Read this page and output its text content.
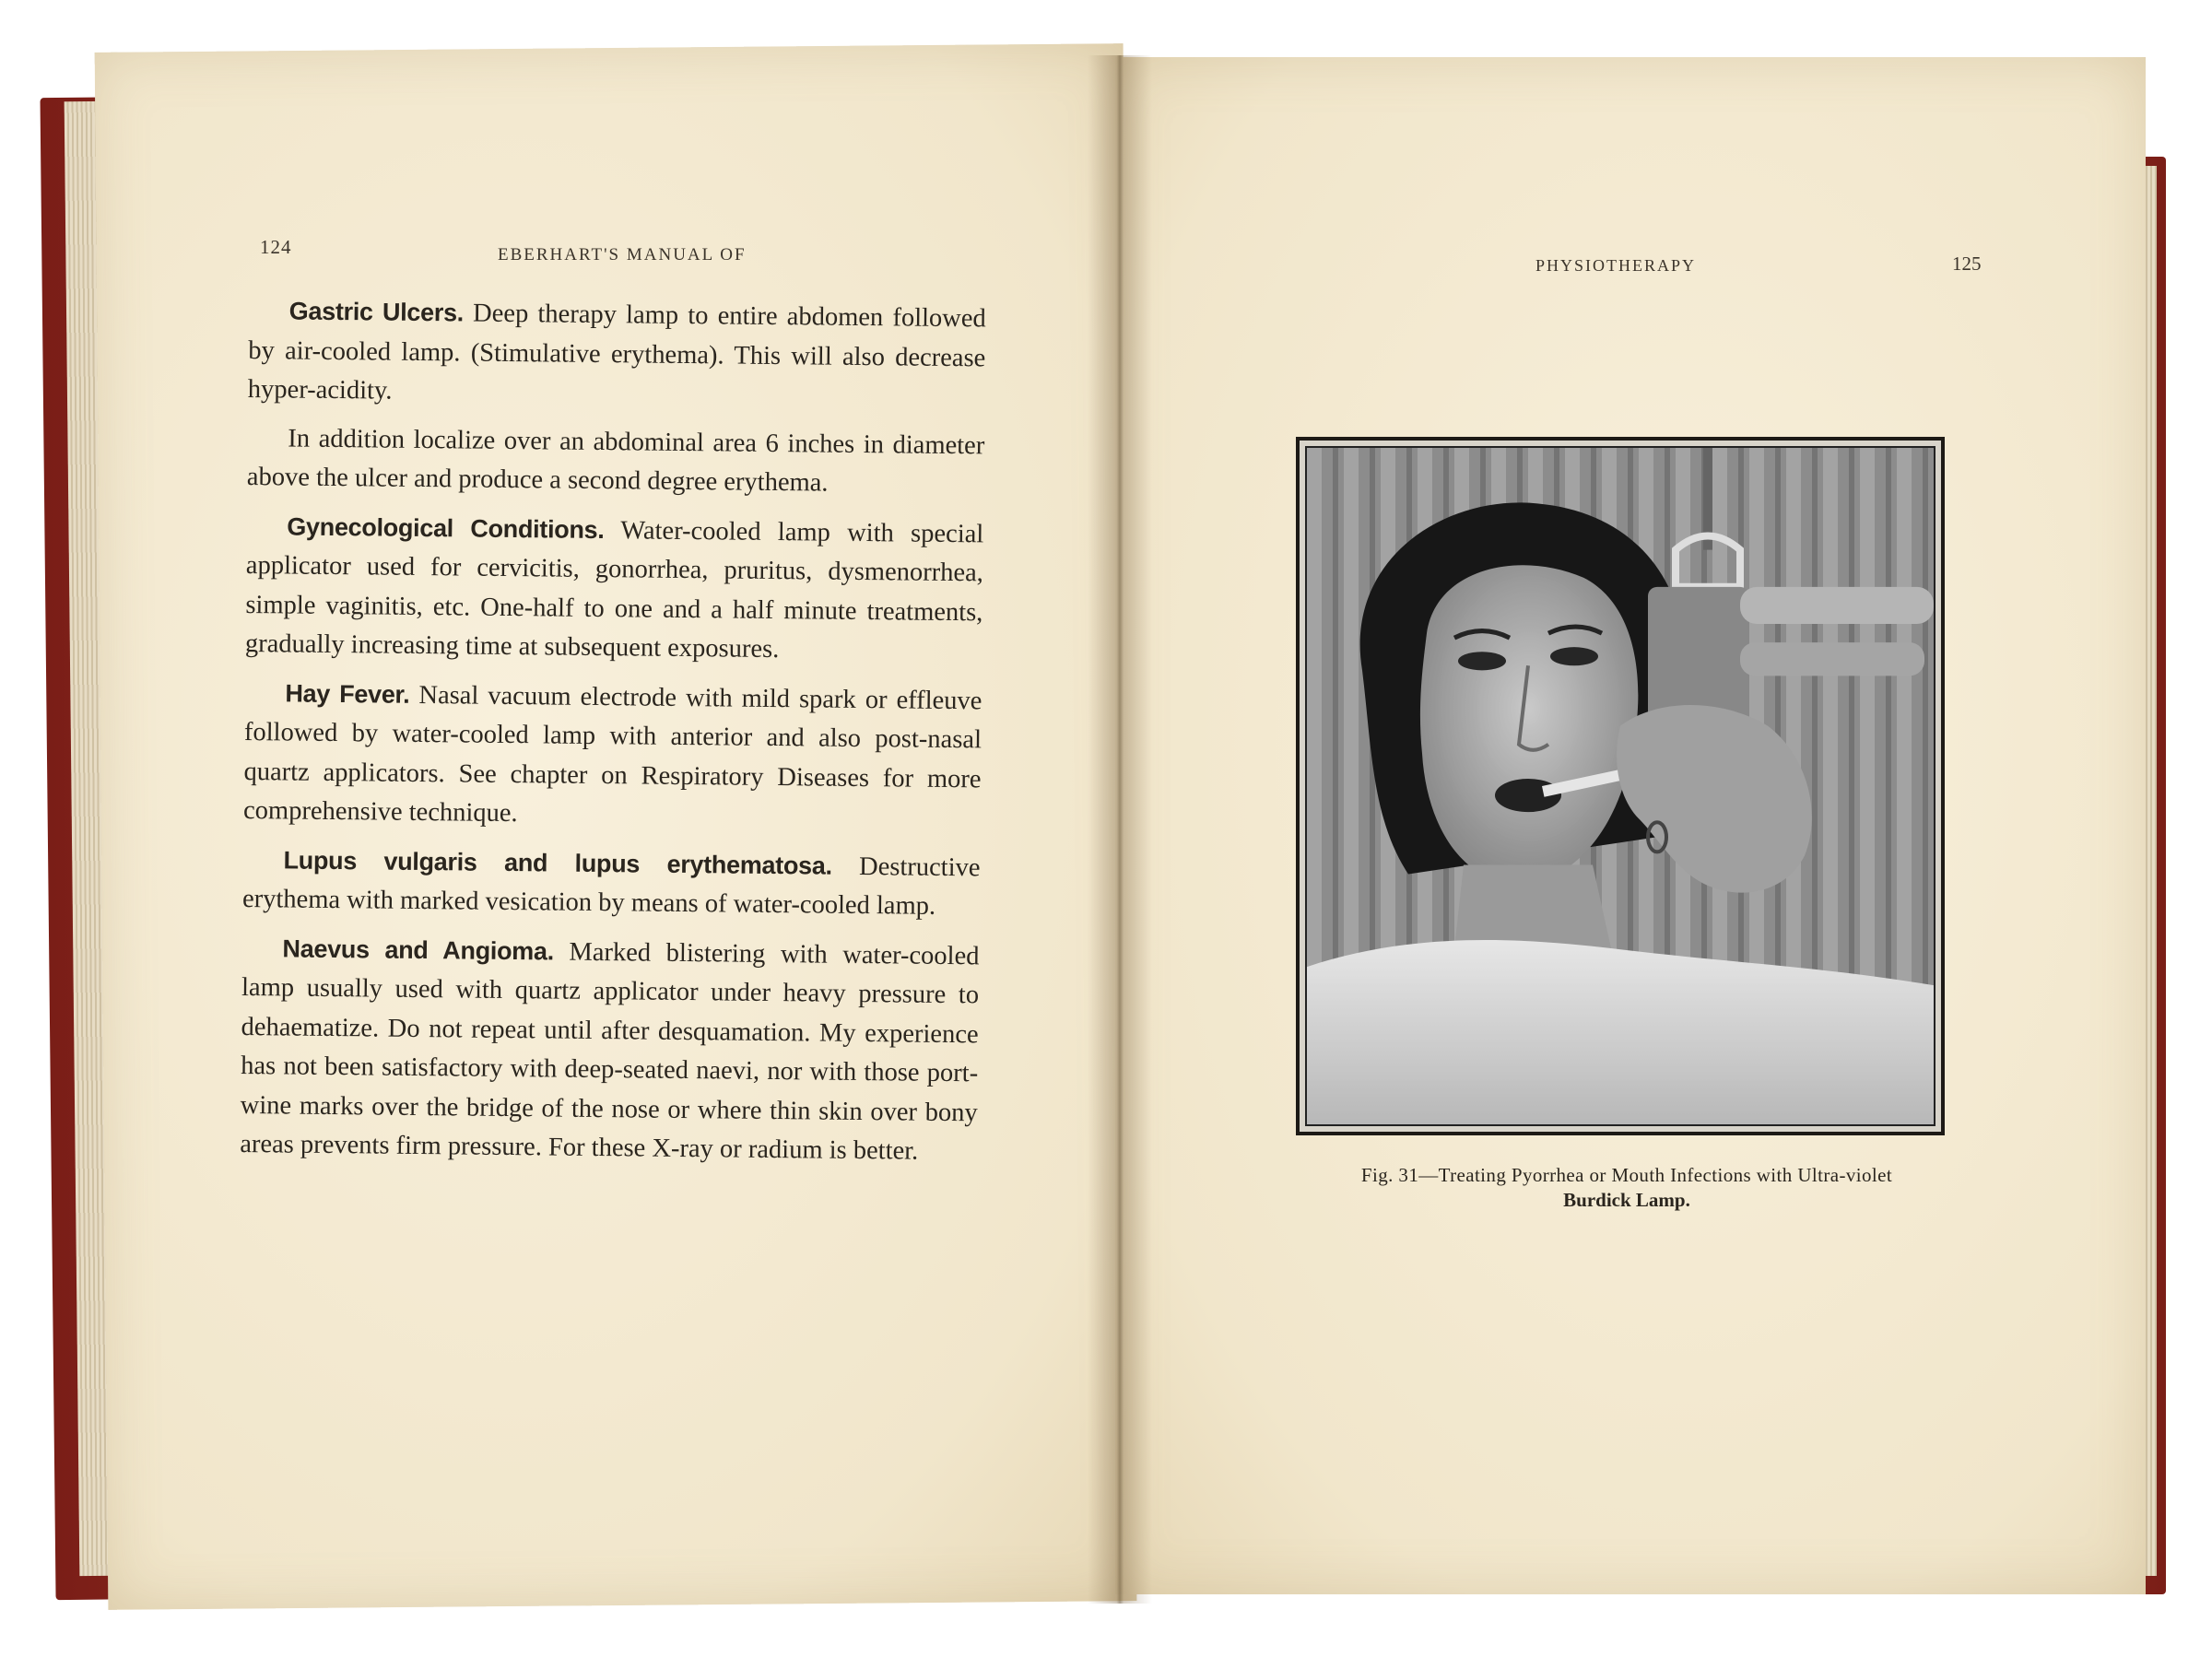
124	EBERHART'S MANUAL OF

Gastric Ulcers. Deep therapy lamp to entire abdomen followed by air-cooled lamp. (Stimulative erythema). This will also decrease hyper-acidity.

In addition localize over an abdominal area 6 inches in diameter above the ulcer and produce a second degree erythema.

Gynecological Conditions. Water-cooled lamp with special applicator used for cervicitis, gonorrhea, pruritus, dysmenorrhea, simple vaginitis, etc. One-half to one and a half minute treatments, gradually increasing time at subsequent exposures.

Hay Fever. Nasal vacuum electrode with mild spark or effleuve followed by water-cooled lamp with anterior and also post-nasal quartz applicators. See chapter on Respiratory Diseases for more comprehensive technique.

Lupus vulgaris and lupus erythematosa. Destructive erythema with marked vesication by means of water-cooled lamp.

Naevus and Angioma. Marked blistering with water-cooled lamp usually used with quartz applicator under heavy pressure to dehaematize. Do not repeat until after desquamation. My experience has not been satisfactory with deep-seated naevi, nor with those port-wine marks over the bridge of the nose or where thin skin over bony areas prevents firm pressure. For these X-ray or radium is better.

PHYSIOTHERAPY	125
Fig. 31—Treating Pyorrhea or Mouth Infections with Ultra-violet
Burdick Lamp.
